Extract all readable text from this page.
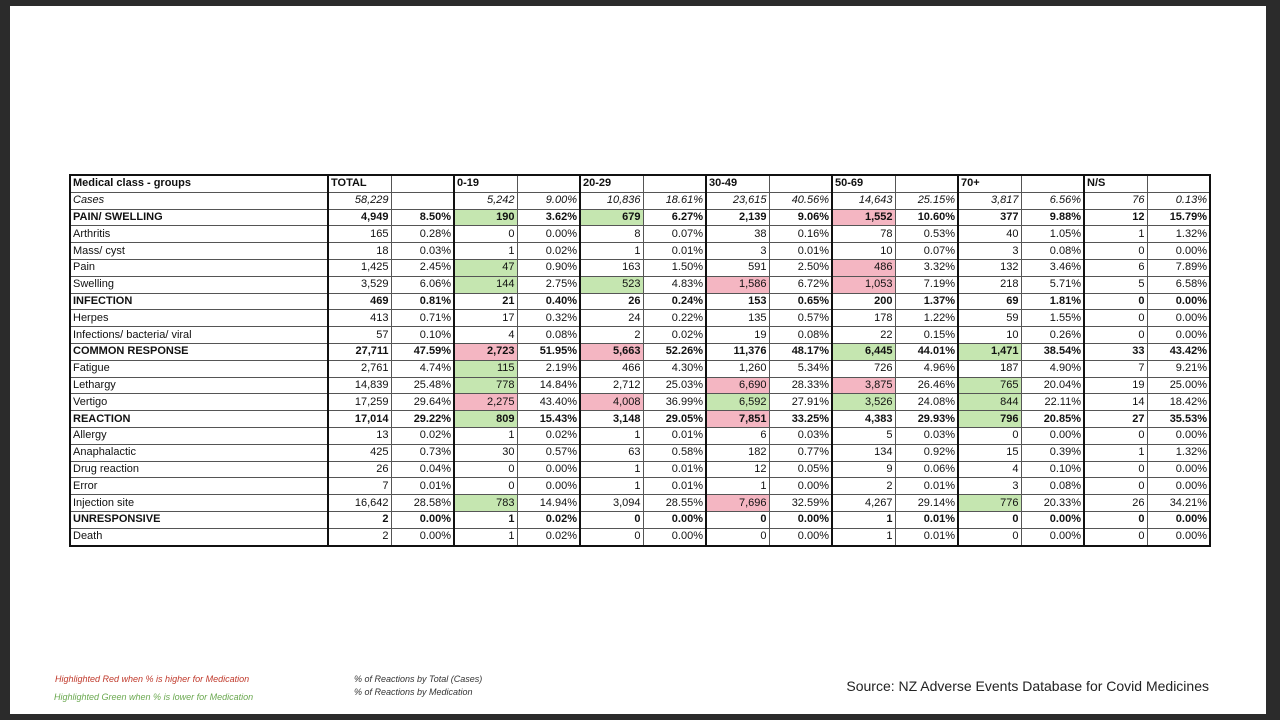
Medical class - groups	TOTAL		0-19		20-29		30-49		50-69		70+		N/S	
Cases	58,229		5,242	9.00%	10,836	18.61%	23,615	40.56%	14,643	25.15%	3,817	6.56%	76	0.13%
PAIN/ SWELLING	4,949	8.50%	190	3.62%	679	6.27%	2,139	9.06%	1,552	10.60%	377	9.88%	12	15.79%
Arthritis	165	0.28%	0	0.00%	8	0.07%	38	0.16%	78	0.53%	40	1.05%	1	1.32%
Mass/ cyst	18	0.03%	1	0.02%	1	0.01%	3	0.01%	10	0.07%	3	0.08%	0	0.00%
Pain	1,425	2.45%	47	0.90%	163	1.50%	591	2.50%	486	3.32%	132	3.46%	6	7.89%
Swelling	3,529	6.06%	144	2.75%	523	4.83%	1,586	6.72%	1,053	7.19%	218	5.71%	5	6.58%
INFECTION	469	0.81%	21	0.40%	26	0.24%	153	0.65%	200	1.37%	69	1.81%	0	0.00%
Herpes	413	0.71%	17	0.32%	24	0.22%	135	0.57%	178	1.22%	59	1.55%	0	0.00%
Infections/ bacteria/ viral	57	0.10%	4	0.08%	2	0.02%	19	0.08%	22	0.15%	10	0.26%	0	0.00%
COMMON RESPONSE	27,711	47.59%	2,723	51.95%	5,663	52.26%	11,376	48.17%	6,445	44.01%	1,471	38.54%	33	43.42%
Fatigue	2,761	4.74%	115	2.19%	466	4.30%	1,260	5.34%	726	4.96%	187	4.90%	7	9.21%
Lethargy	14,839	25.48%	778	14.84%	2,712	25.03%	6,690	28.33%	3,875	26.46%	765	20.04%	19	25.00%
Vertigo	17,259	29.64%	2,275	43.40%	4,008	36.99%	6,592	27.91%	3,526	24.08%	844	22.11%	14	18.42%
REACTION	17,014	29.22%	809	15.43%	3,148	29.05%	7,851	33.25%	4,383	29.93%	796	20.85%	27	35.53%
Allergy	13	0.02%	1	0.02%	1	0.01%	6	0.03%	5	0.03%	0	0.00%	0	0.00%
Anaphalactic	425	0.73%	30	0.57%	63	0.58%	182	0.77%	134	0.92%	15	0.39%	1	1.32%
Drug reaction	26	0.04%	0	0.00%	1	0.01%	12	0.05%	9	0.06%	4	0.10%	0	0.00%
Error	7	0.01%	0	0.00%	1	0.01%	1	0.00%	2	0.01%	3	0.08%	0	0.00%
Injection site	16,642	28.58%	783	14.94%	3,094	28.55%	7,696	32.59%	4,267	29.14%	776	20.33%	26	34.21%
UNRESPONSIVE	2	0.00%	1	0.02%	0	0.00%	0	0.00%	1	0.01%	0	0.00%	0	0.00%
Death	2	0.00%	1	0.02%	0	0.00%	0	0.00%	1	0.01%	0	0.00%	0	0.00%
Highlighted Red when % is higher for Medication
Highlighted Green when % is lower for Medication
% of Reactions by Total (Cases)
% of Reactions by Medication	Source: NZ Adverse Events Database for Covid Medicines
